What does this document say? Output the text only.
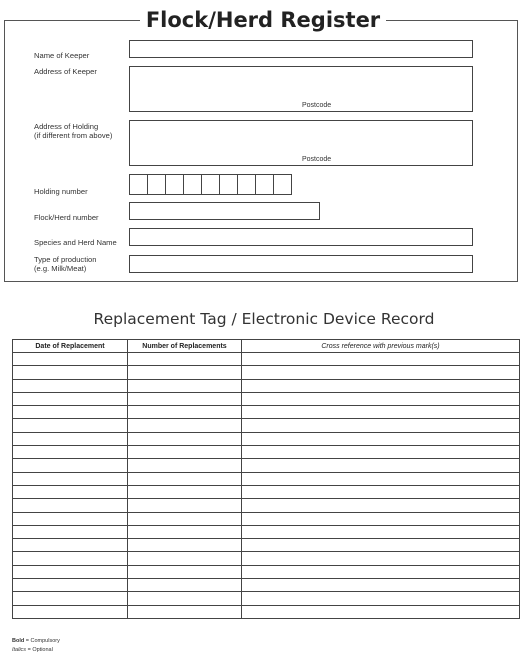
Flock/Herd Register
Name of Keeper
Address of Keeper
Postcode
Address of Holding
(if different from above)
Postcode
Holding number
Flock/Herd number
Species and Herd Name
Type of production
(e.g. Milk/Meat)
Replacement Tag / Electronic Device Record
Date of Replacement	Number of Replacements	Cross reference with previous mark(s)

Bold = Compulsory
Italics = Optional
